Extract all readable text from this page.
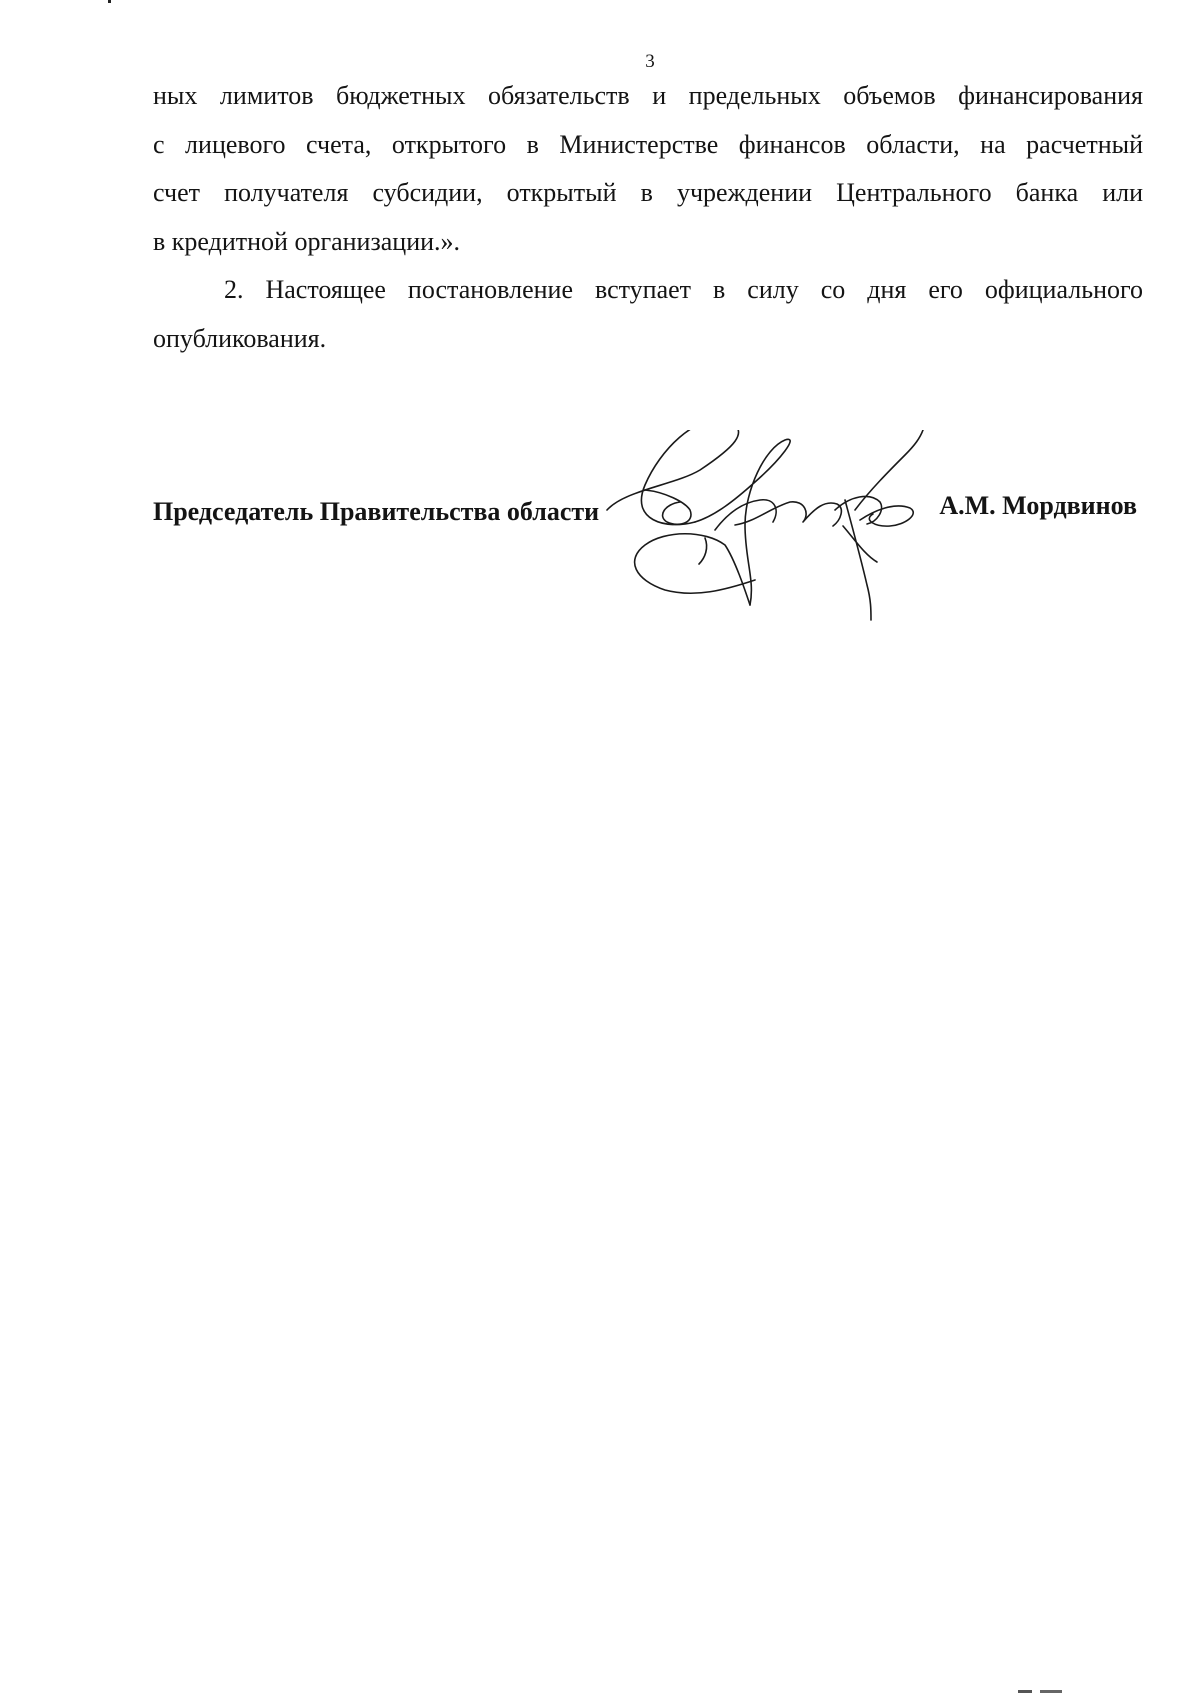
3

ных лимитов бюджетных обязательств и предельных объемов финансирования
с лицевого счета, открытого в Министерстве финансов области, на расчетный
счет получателя субсидии, открытый в учреждении Центрального банка или
в кредитной организации.».

2. Настоящее постановление вступает в силу со дня его официального
опубликования.

Председатель Правительства области	А.М. Мордвинов
